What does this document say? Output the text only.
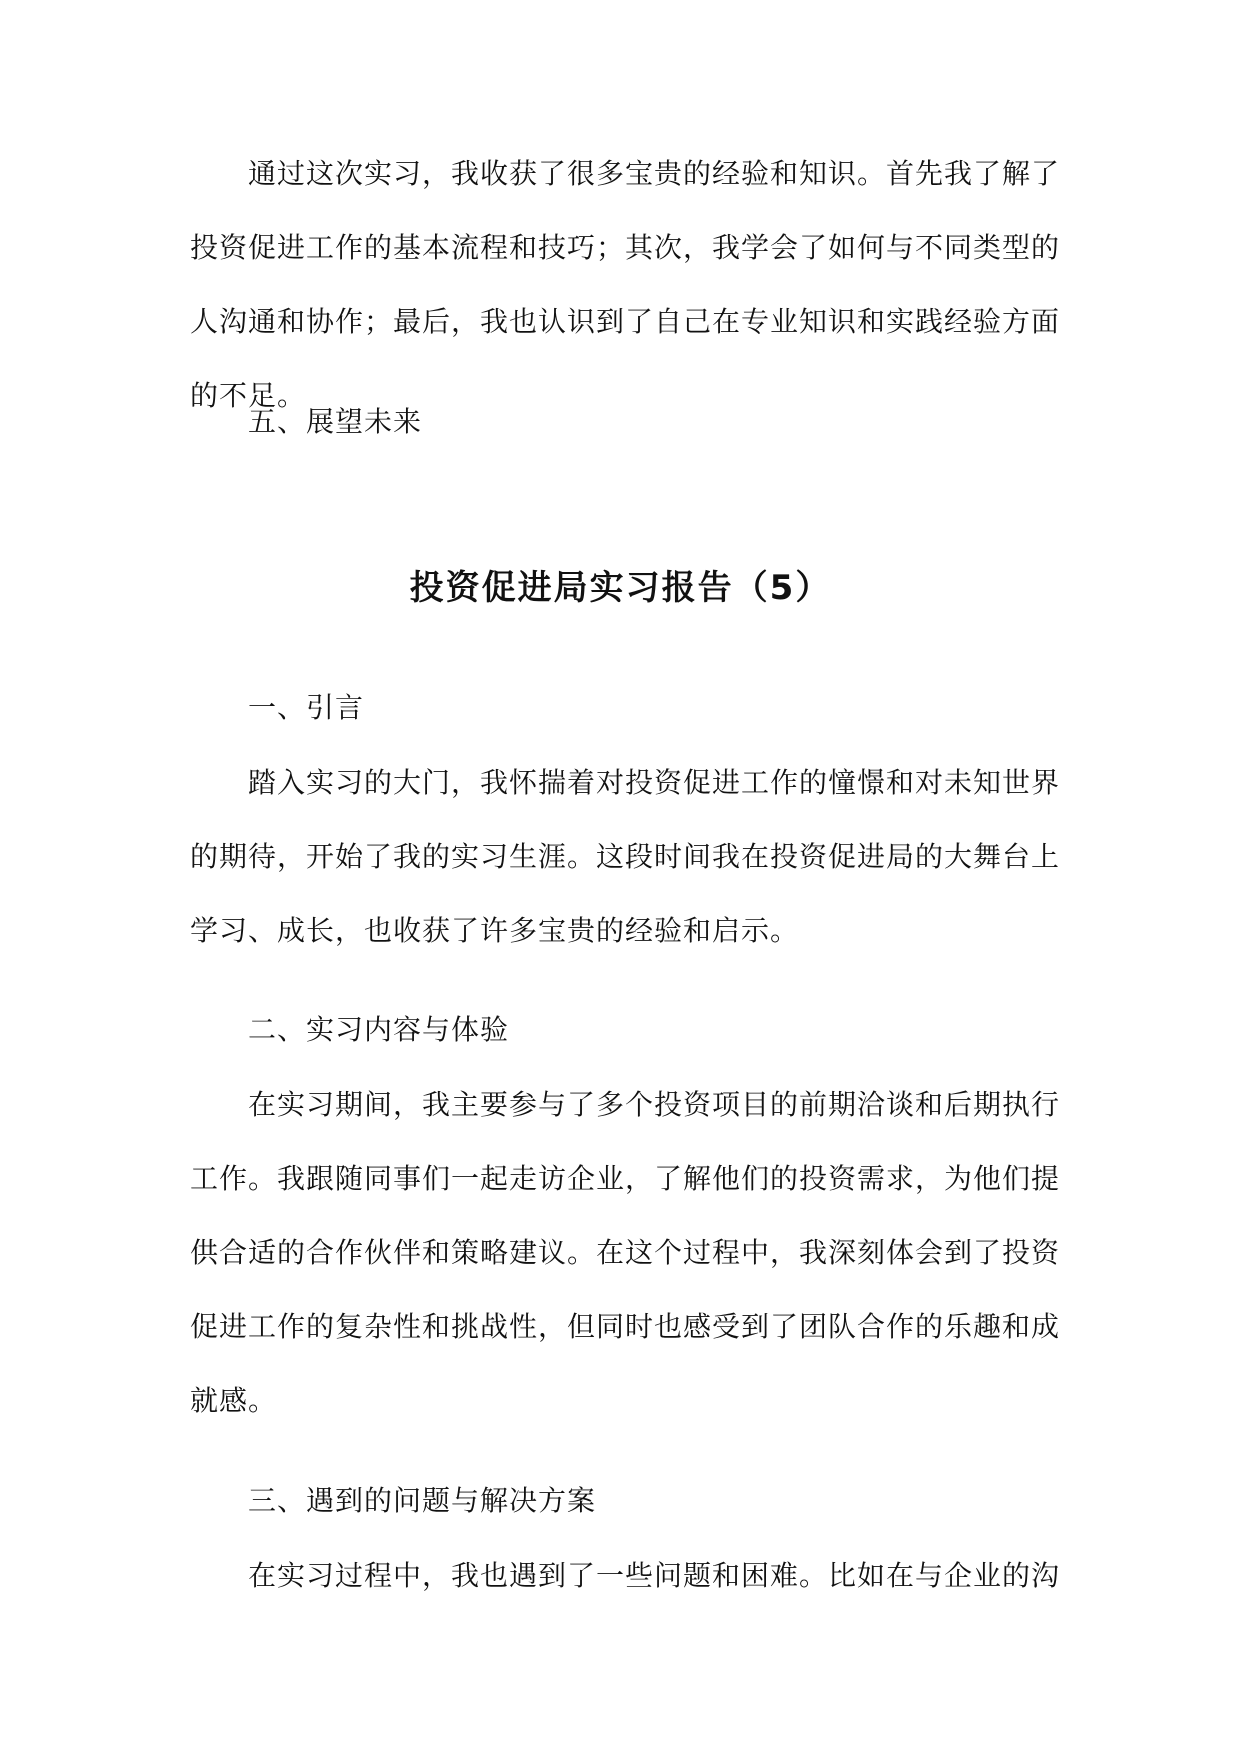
通过这次实习，我收获了很多宝贵的经验和知识。首先我了解了投资促进工作的基本流程和技巧；其次，我学会了如何与不同类型的人沟通和协作；最后，我也认识到了自己在专业知识和实践经验方面的不足。

五、展望未来

投资促进局实习报告（5）

一、引言

踏入实习的大门，我怀揣着对投资促进工作的憧憬和对未知世界的期待，开始了我的实习生涯。这段时间我在投资促进局的大舞台上学习、成长，也收获了许多宝贵的经验和启示。

二、实习内容与体验

在实习期间，我主要参与了多个投资项目的前期洽谈和后期执行工作。我跟随同事们一起走访企业，了解他们的投资需求，为他们提供合适的合作伙伴和策略建议。在这个过程中，我深刻体会到了投资促进工作的复杂性和挑战性，但同时也感受到了团队合作的乐趣和成就感。

三、遇到的问题与解决方案

在实习过程中，我也遇到了一些问题和困难。比如在与企业的沟
